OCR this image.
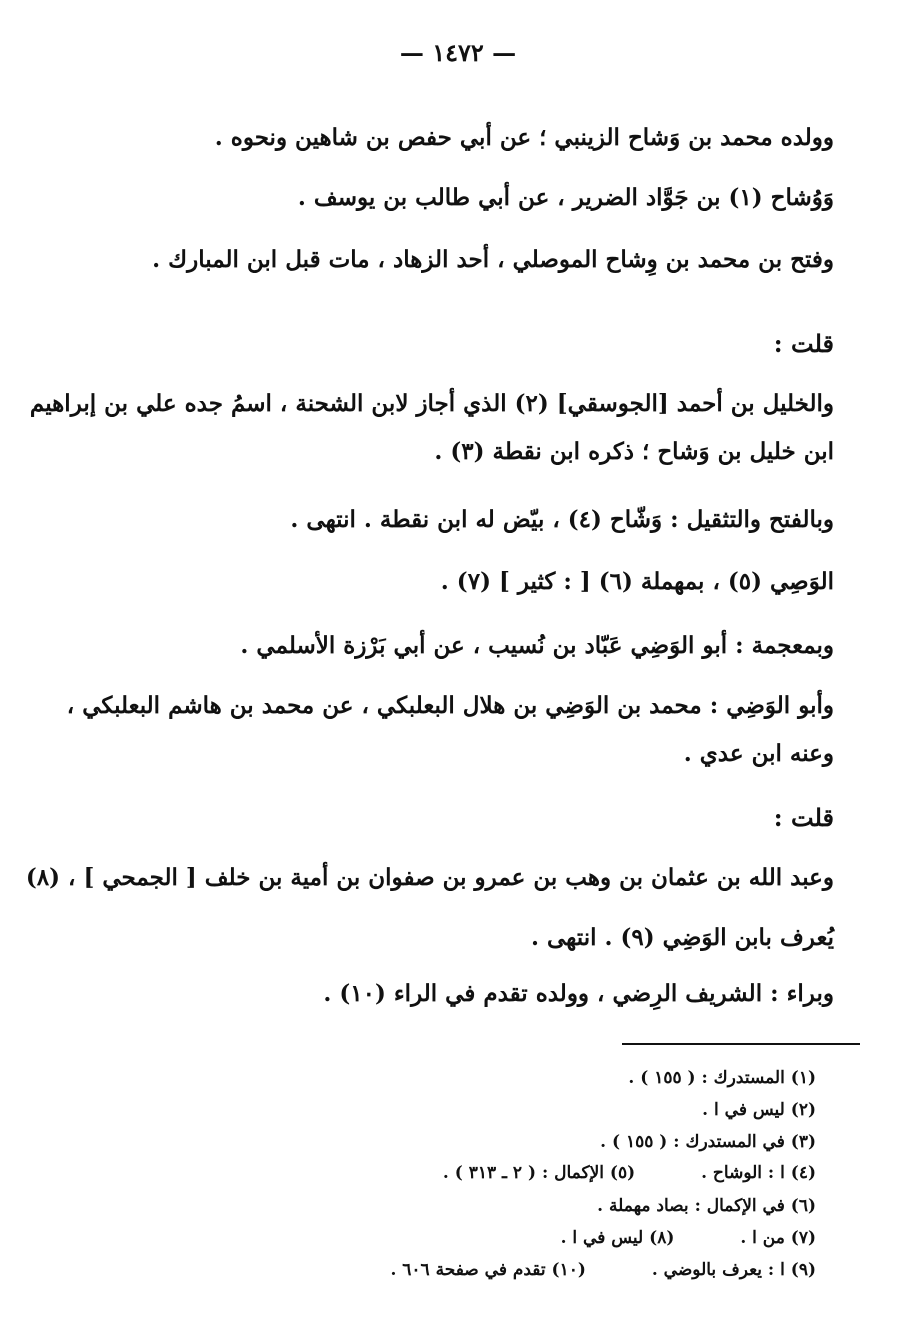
— ١٤٧٢ —
وولده محمد بن وَشاح الزينبي ؛ عن أبي حفص بن شاهين ونحوه .
وَوُشاح (١) بن جَوَّاد الضرير ، عن أبي طالب بن يوسف .
وفتح بن محمد بن وِشاح الموصلي ، أحد الزهاد ، مات قبل ابن المبارك .
قلت :
والخليل بن أحمد [الجوسقي] (٢) الذي أجاز لابن الشحنة ، اسمُ جده علي بن إبراهيم
ابن خليل بن وَشاح ؛ ذكره ابن نقطة (٣) .
وبالفتح والتثقيل : وَشّاح (٤) ، بيّض له ابن نقطة . انتهى .
الوَصِي (٥) ، بمهملة (٦) [ : كثير ] (٧) .
وبمعجمة : أبو الوَضِي عَبّاد بن نُسيب ، عن أبي بَرْزة الأسلمي .
وأبو الوَضِي : محمد بن الوَضِي بن هلال البعلبكي ، عن محمد بن هاشم البعلبكي ،
وعنه ابن عدي .
قلت :
وعبد الله بن عثمان بن وهب بن عمرو بن صفوان بن أمية بن خلف [ الجمحي ] ، (٨)
يُعرف بابن الوَضِي (٩) . انتهى .
وبراء : الشريف الرِضي ، وولده تقدم في الراء (١٠) .
(١) المستدرك : ( ١٥٥ ) .
(٢) ليس في ا .
(٣) في المستدرك : ( ١٥٥ ) .
(٤) ا : الوشاح . (٥) الإكمال : ( ٢ ـ ٣١٣ ) .
(٦) في الإكمال : بصاد مهملة .
(٧) من ا . (٨) ليس في ا .
(٩) ا : يعرف بالوضي . (١٠) تقدم في صفحة ٦٠٦ .
